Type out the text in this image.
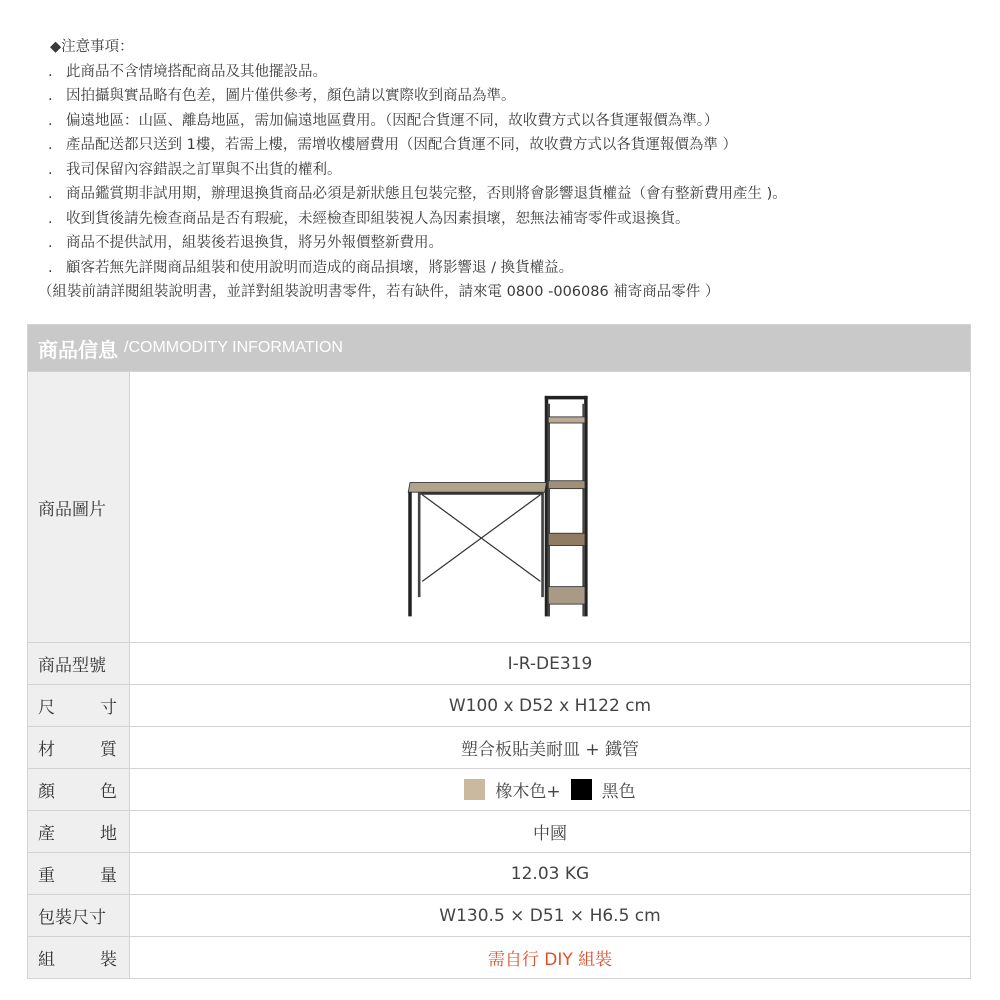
◆注意事項：
. 此商品不含情境搭配商品及其他擺設品。
. 因拍攝與實品略有色差，圖片僅供參考，顏色請以實際收到商品為準。
. 偏遠地區：山區、離島地區，需加偏遠地區費用。（因配合貨運不同，故收費方式以各貨運報價為準。）
. 產品配送都只送到 1樓，若需上樓，需增收樓層費用（因配合貨運不同，故收費方式以各貨運報價為準 ）
. 我司保留內容錯誤之訂單與不出貨的權利。
. 商品鑑賞期非試用期，辦理退換貨商品必須是新狀態且包裝完整，否則將會影響退貨權益（會有整新費用產生 )。
. 收到貨後請先檢查商品是否有瑕疵，未經檢查即組裝視人為因素損壞，恕無法補寄零件或退換貨。
. 商品不提供試用，組裝後若退換貨，將另外報價整新費用。
. 顧客若無先詳閱商品組裝和使用說明而造成的商品損壞，將影響退 / 換貨權益。
（組裝前請詳閱組裝說明書，並詳對組裝說明書零件，若有缺件，請來電 0800 -006086 補寄商品零件 ）
商品信息 /COMMODITY INFORMATION
商品圖片
商品型號	I-R-DE319
尺	寸	W100 x D52 x H122 cm
材	質	塑合板貼美耐皿 + 鐵管
顏	色	橡木色+ 黑色
產	地	中國
重	量	12.03 KG
包裝尺寸	W130.5 × D51 × H6.5 cm
組	裝	需自行 DIY 組裝
